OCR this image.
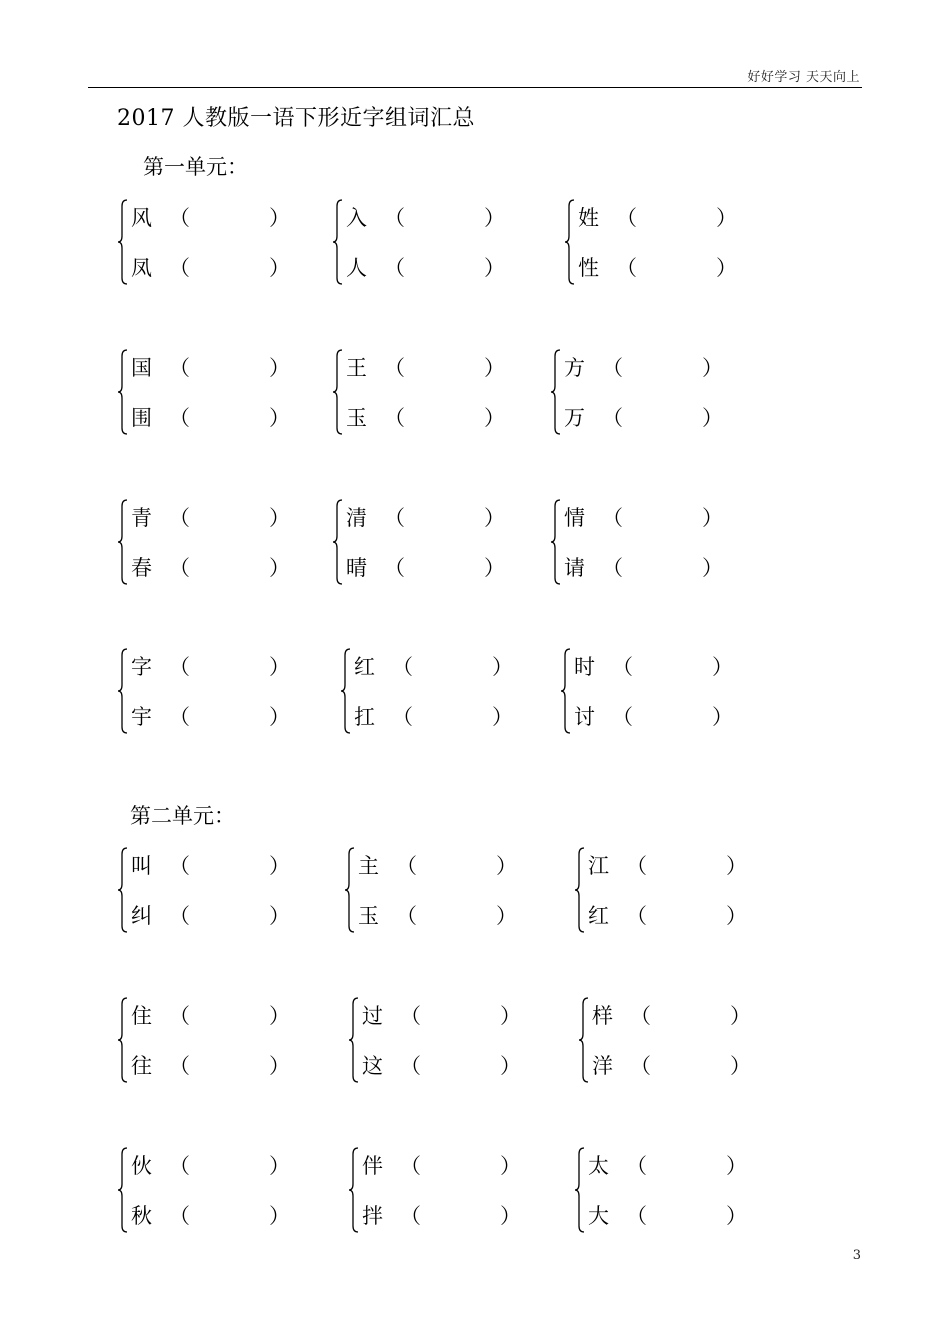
好好学习 天天向上
2017 人教版一语下形近字组词汇总
第一单元：
风 （	）
凤 （	）
入 （	）
人 （	）
姓 （	）
性 （	）
国 （	）
围 （	）
王 （	）
玉 （	）
方 （	）
万 （	）
青 （	）
春 （	）
清 （	）
晴 （	）
情 （	）
请 （	）
字 （	）
宇 （	）
红 （	）
扛 （	）
时 （	）
讨 （	）
第二单元：
叫 （	）
纠 （	）
主 （	）
玉 （	）
江 （	）
红 （	）
住 （	）
往 （	）
过 （	）
这 （	）
样 （	）
洋 （	）
伙 （	）
秋 （	）
伴 （	）
拌 （	）
太 （	）
大 （	）
3
